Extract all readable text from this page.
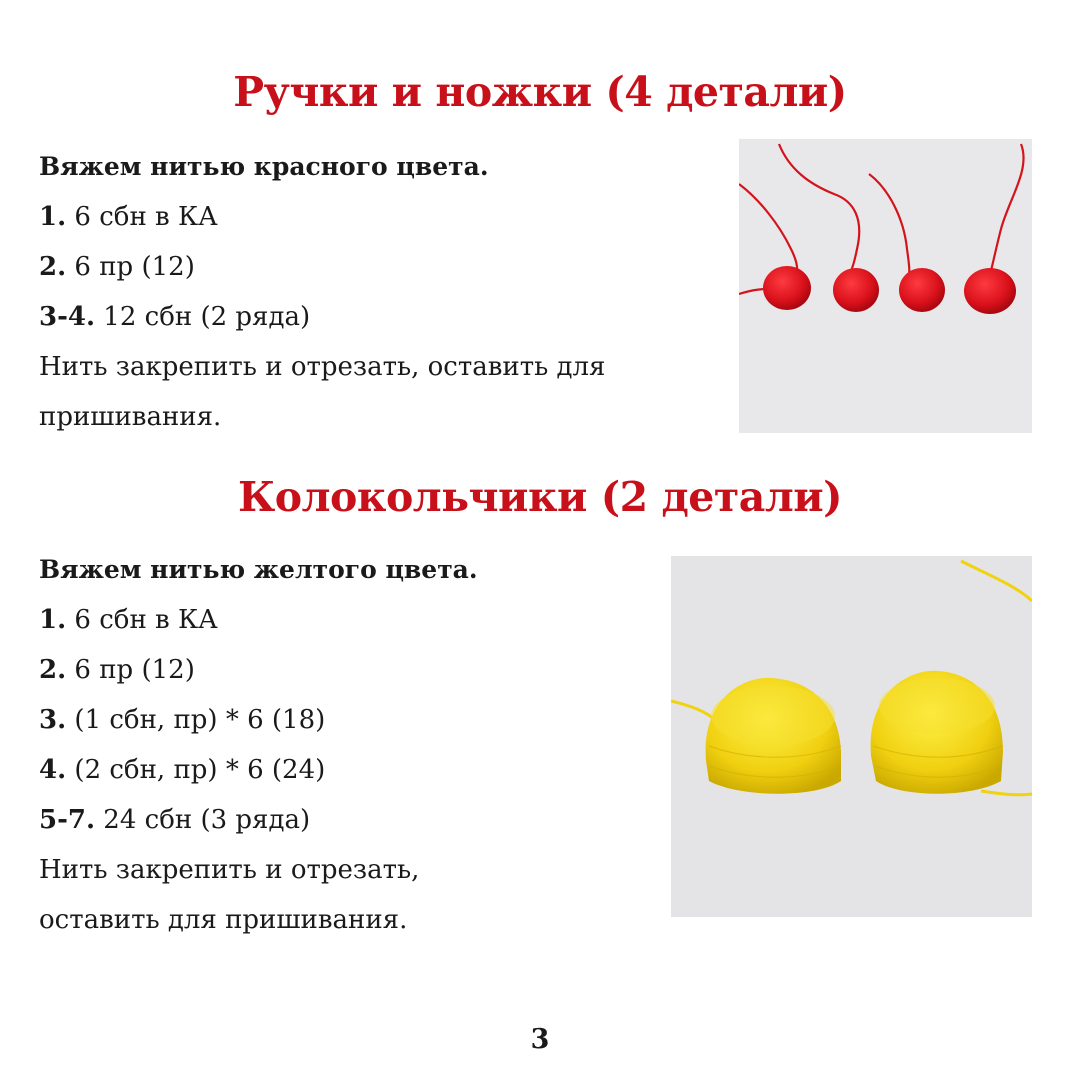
Ручки и ножки (4 детали)
Вяжем нитью красного цвета.
1. 6 сбн в КА
2. 6 пр (12)
3-4. 12 сбн (2 ряда)
Нить закрепить и отрезать, оставить для
пришивания.
Колокольчики (2 детали)
Вяжем нитью желтого цвета.
1. 6 сбн в КА
2. 6 пр (12)
3. (1 сбн, пр) * 6 (18)
4. (2 сбн, пр) * 6 (24)
5-7. 24 сбн (3 ряда)
Нить закрепить и отрезать,
оставить для пришивания.
3
